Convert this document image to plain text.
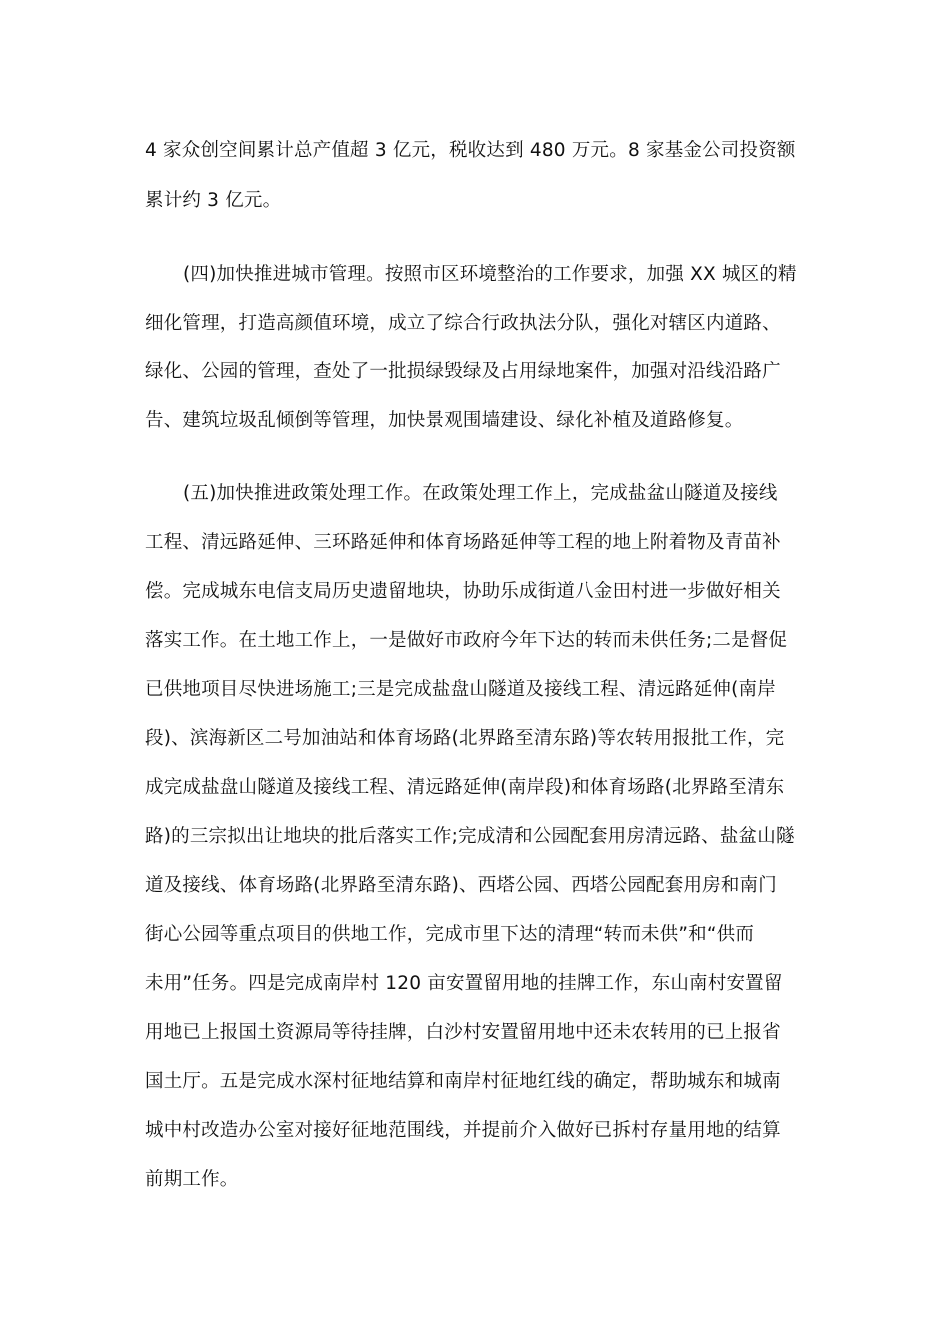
4 家众创空间累计总产值超 3 亿元，税收达到 480 万元。8 家基金公司投资额
累计约 3 亿元。
(四)加快推进城市管理。按照市区环境整治的工作要求，加强 XX 城区的精
细化管理，打造高颜值环境，成立了综合行政执法分队，强化对辖区内道路、
绿化、公园的管理，查处了一批损绿毁绿及占用绿地案件，加强对沿线沿路广
告、建筑垃圾乱倾倒等管理，加快景观围墙建设、绿化补植及道路修复。
(五)加快推进政策处理工作。在政策处理工作上，完成盐盆山隧道及接线
工程、清远路延伸、三环路延伸和体育场路延伸等工程的地上附着物及青苗补
偿。完成城东电信支局历史遗留地块，协助乐成街道八金田村进一步做好相关
落实工作。在土地工作上，一是做好市政府今年下达的转而未供任务;二是督促
已供地项目尽快进场施工;三是完成盐盘山隧道及接线工程、清远路延伸(南岸
段)、滨海新区二号加油站和体育场路(北界路至清东路)等农转用报批工作，完
成完成盐盘山隧道及接线工程、清远路延伸(南岸段)和体育场路(北界路至清东
路)的三宗拟出让地块的批后落实工作;完成清和公园配套用房清远路、盐盆山隧
道及接线、体育场路(北界路至清东路)、西塔公园、西塔公园配套用房和南门
街心公园等重点项目的供地工作，完成市里下达的清理“转而未供”和“供而
未用”任务。四是完成南岸村 120 亩安置留用地的挂牌工作，东山南村安置留
用地已上报国土资源局等待挂牌，白沙村安置留用地中还未农转用的已上报省
国土厅。五是完成水深村征地结算和南岸村征地红线的确定，帮助城东和城南
城中村改造办公室对接好征地范围线，并提前介入做好已拆村存量用地的结算
前期工作。
